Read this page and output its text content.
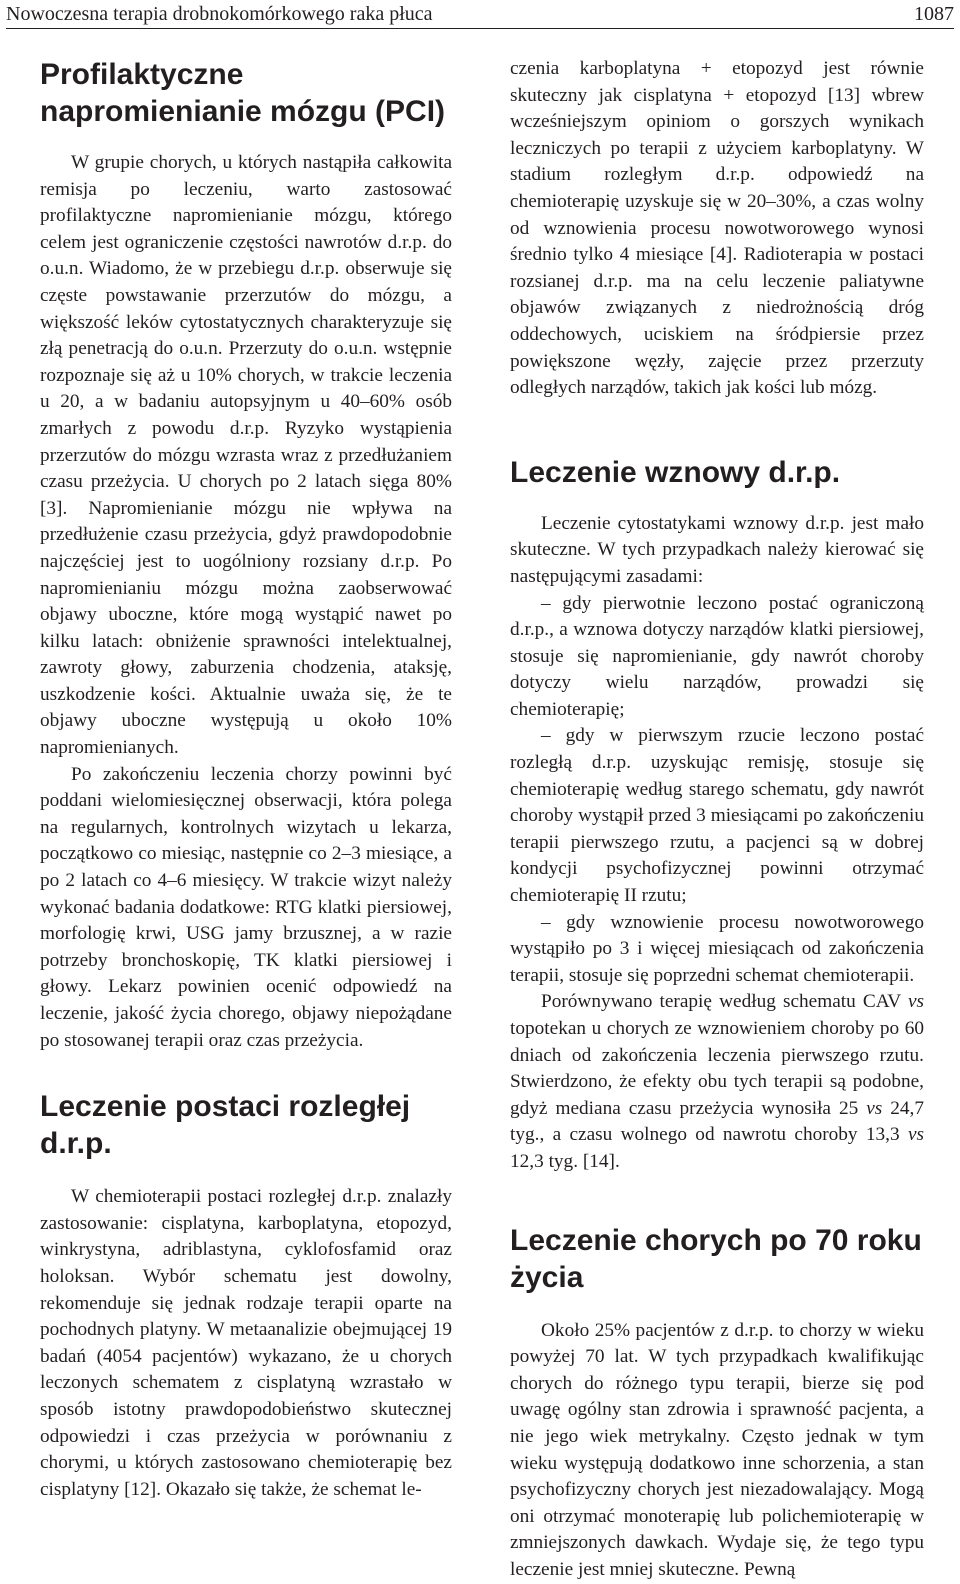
Nowoczesna terapia drobnokomórkowego raka płuca	1087
Profilaktyczne napromienianie mózgu (PCI)

W grupie chorych, u których nastąpiła całkowita remisja po leczeniu, warto zastosować profilaktyczne napromienianie mózgu, którego celem jest ograniczenie częstości nawrotów d.r.p. do o.u.n. Wiadomo, że w przebiegu d.r.p. obserwuje się częste powstawanie przerzutów do mózgu, a większość leków cytostatycznych charakteryzuje się złą penetracją do o.u.n. Przerzuty do o.u.n. wstępnie rozpoznaje się aż u 10% chorych, w trakcie leczenia u 20, a w badaniu autopsyjnym u 40–60% osób zmarłych z powodu d.r.p. Ryzyko wystąpienia przerzutów do mózgu wzrasta wraz z przedłużaniem czasu przeżycia. U chorych po 2 latach sięga 80% [3]. Napromienianie mózgu nie wpływa na przedłużenie czasu przeżycia, gdyż prawdopodobnie najczęściej jest to uogólniony rozsiany d.r.p. Po napromienianiu mózgu można zaobserwować objawy uboczne, które mogą wystąpić nawet po kilku latach: obniżenie sprawności intelektualnej, zawroty głowy, zaburzenia chodzenia, ataksję, uszkodzenie kości. Aktualnie uważa się, że te objawy uboczne występują u około 10% napromienianych.

Po zakończeniu leczenia chorzy powinni być poddani wielomiesięcznej obserwacji, która polega na regularnych, kontrolnych wizytach u lekarza, początkowo co miesiąc, następnie co 2–3 miesiące, a po 2 latach co 4–6 miesięcy. W trakcie wizyt należy wykonać badania dodatkowe: RTG klatki piersiowej, morfologię krwi, USG jamy brzusznej, a w razie potrzeby bronchoskopię, TK klatki piersiowej i głowy. Lekarz powinien ocenić odpowiedź na leczenie, jakość życia chorego, objawy niepożądane po stosowanej terapii oraz czas przeżycia.

Leczenie postaci rozległej d.r.p.

W chemioterapii postaci rozległej d.r.p. znalazły zastosowanie: cisplatyna, karboplatyna, etopozyd, winkrystyna, adriblastyna, cyklofosfamid oraz holoksan. Wybór schematu jest dowolny, rekomenduje się jednak rodzaje terapii oparte na pochodnych platyny. W metaanalizie obejmującej 19 badań (4054 pacjentów) wykazano, że u chorych leczonych schematem z cisplatyną wzrastało w sposób istotny prawdopodobieństwo skutecznej odpowiedzi i czas przeżycia w porównaniu z chorymi, u których zastosowano chemioterapię bez cisplatyny [12]. Okazało się także, że schemat le-

czenia karboplatyna + etopozyd jest równie skuteczny jak cisplatyna + etopozyd [13] wbrew wcześniejszym opiniom o gorszych wynikach leczniczych po terapii z użyciem karboplatyny. W stadium rozległym d.r.p. odpowiedź na chemioterapię uzyskuje się w 20–30%, a czas wolny od wznowienia procesu nowotworowego wynosi średnio tylko 4 miesiące [4]. Radioterapia w postaci rozsianej d.r.p. ma na celu leczenie paliatywne objawów związanych z niedrożnością dróg oddechowych, uciskiem na śródpiersie przez powiększone węzły, zajęcie przez przerzuty odległych narządów, takich jak kości lub mózg.

Leczenie wznowy d.r.p.

Leczenie cytostatykami wznowy d.r.p. jest mało skuteczne. W tych przypadkach należy kierować się następującymi zasadami:

– gdy pierwotnie leczono postać ograniczoną d.r.p., a wznowa dotyczy narządów klatki piersiowej, stosuje się napromienianie, gdy nawrót choroby dotyczy wielu narządów, prowadzi się chemioterapię;

– gdy w pierwszym rzucie leczono postać rozległą d.r.p. uzyskując remisję, stosuje się chemioterapię według starego schematu, gdy nawrót choroby wystąpił przed 3 miesiącami po zakończeniu terapii pierwszego rzutu, a pacjenci są w dobrej kondycji psychofizycznej powinni otrzymać chemioterapię II rzutu;

– gdy wznowienie procesu nowotworowego wystąpiło po 3 i więcej miesiącach od zakończenia terapii, stosuje się poprzedni schemat chemioterapii.

Porównywano terapię według schematu CAV vs topotekan u chorych ze wznowieniem choroby po 60 dniach od zakończenia leczenia pierwszego rzutu. Stwierdzono, że efekty obu tych terapii są podobne, gdyż mediana czasu przeżycia wynosiła 25 vs 24,7 tyg., a czasu wolnego od nawrotu choroby 13,3 vs 12,3 tyg. [14].

Leczenie chorych po 70 roku życia

Około 25% pacjentów z d.r.p. to chorzy w wieku powyżej 70 lat. W tych przypadkach kwalifikując chorych do różnego typu terapii, bierze się pod uwagę ogólny stan zdrowia i sprawność pacjenta, a nie jego wiek metrykalny. Często jednak w tym wieku występują dodatkowo inne schorzenia, a stan psychofizyczny chorych jest niezadowalający. Mogą oni otrzymać monoterapię lub polichemioterapię w zmniejszonych dawkach. Wydaje się, że tego typu leczenie jest mniej skuteczne. Pewną
